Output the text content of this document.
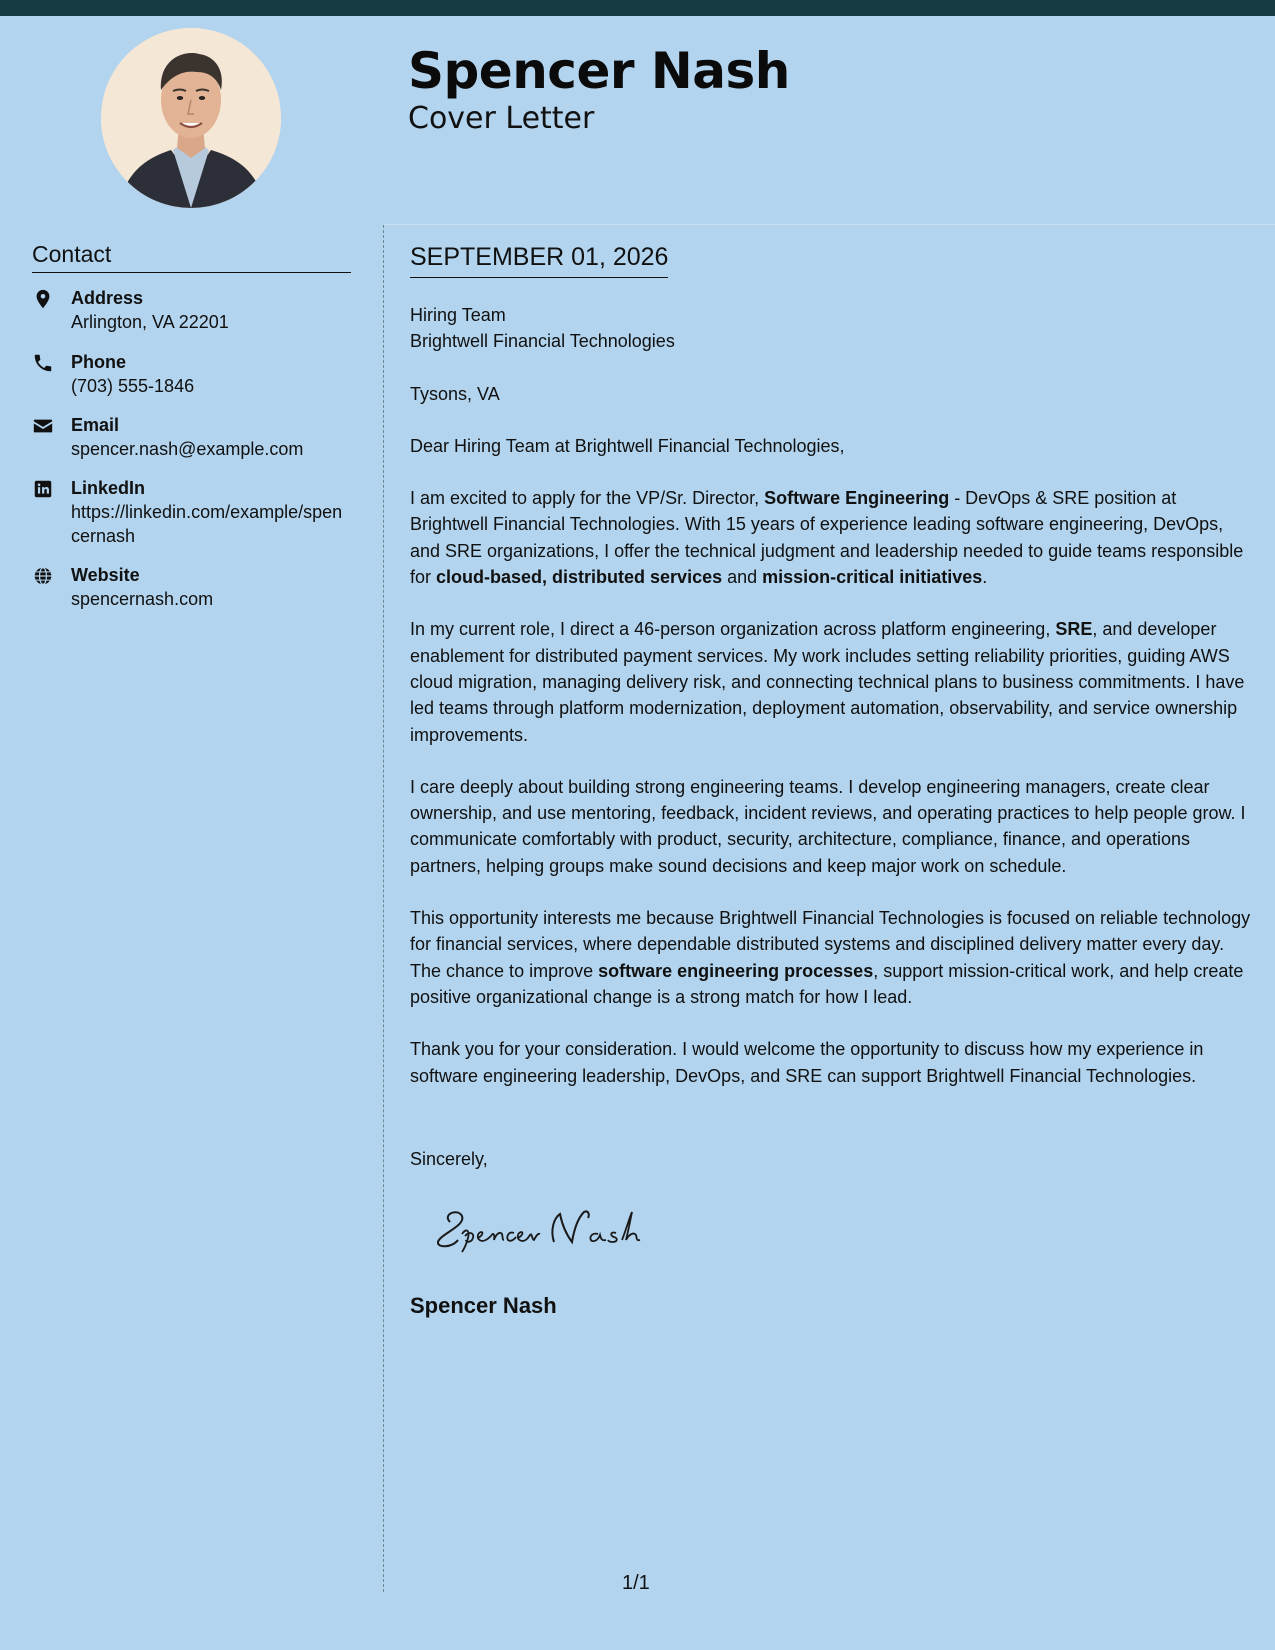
Spencer Nash
Cover Letter
Contact
Address
Arlington, VA 22201
Phone
(703) 555-1846
Email
spencer.nash@example.com
LinkedIn
https://linkedin.com/example/spencernash
Website
spencernash.com
SEPTEMBER 01, 2026

Hiring Team
Brightwell Financial Technologies

Tysons, VA

Dear Hiring Team at Brightwell Financial Technologies,

I am excited to apply for the VP/Sr. Director, Software Engineering - DevOps & SRE position at Brightwell Financial Technologies. With 15 years of experience leading software engineering, DevOps, and SRE organizations, I offer the technical judgment and leadership needed to guide teams responsible for cloud-based, distributed services and mission-critical initiatives.

In my current role, I direct a 46-person organization across platform engineering, SRE, and developer enablement for distributed payment services. My work includes setting reliability priorities, guiding AWS cloud migration, managing delivery risk, and connecting technical plans to business commitments. I have led teams through platform modernization, deployment automation, observability, and service ownership improvements.

I care deeply about building strong engineering teams. I develop engineering managers, create clear ownership, and use mentoring, feedback, incident reviews, and operating practices to help people grow. I communicate comfortably with product, security, architecture, compliance, finance, and operations partners, helping groups make sound decisions and keep major work on schedule.

This opportunity interests me because Brightwell Financial Technologies is focused on reliable technology for financial services, where dependable distributed systems and disciplined delivery matter every day. The chance to improve software engineering processes, support mission-critical work, and help create positive organizational change is a strong match for how I lead.

Thank you for your consideration. I would welcome the opportunity to discuss how my experience in software engineering leadership, DevOps, and SRE can support Brightwell Financial Technologies.

Sincerely,
Spencer Nash
1/1
